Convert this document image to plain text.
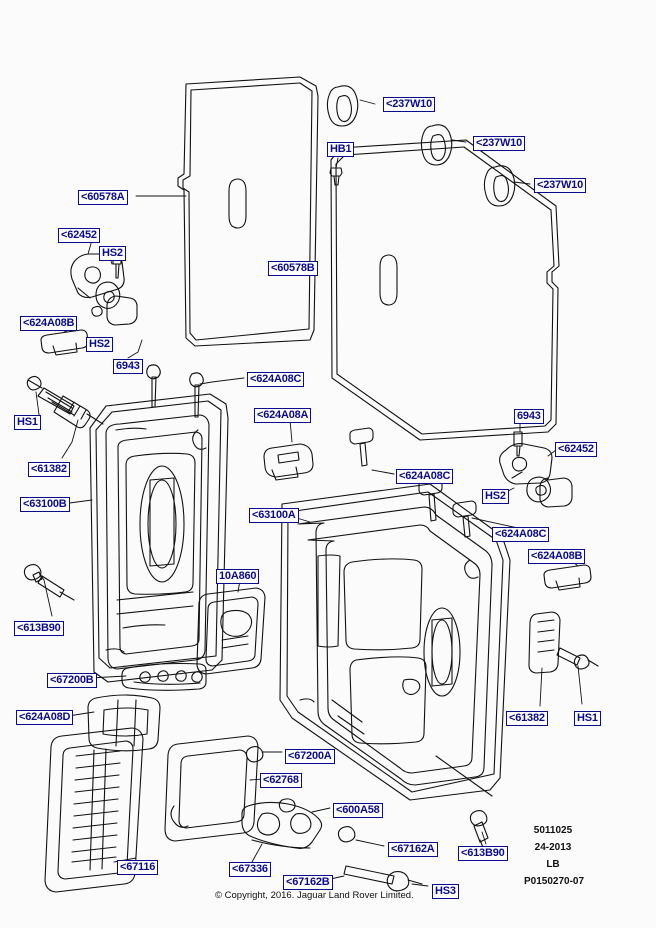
<237W10
<237W10
<237W10
HB1
<60578A
<60578B
<62452
HS2
<624A08B
HS2
6943
<624A08C
<624A08A
HS1
<61382
<624A08C
<63100B
<63100A
6943
<62452
HS2
<624A08C
<624A08B
10A860
<613B90
<67200B
<624A08D	<61382	HS1
<67200A
<62768
<600A58
<67162A <613B90
<67116	<67336
<67162B
HS3
5011025
24-2013
LB
P0150270-07
© Copyright, 2016. Jaguar Land Rover Limited.
